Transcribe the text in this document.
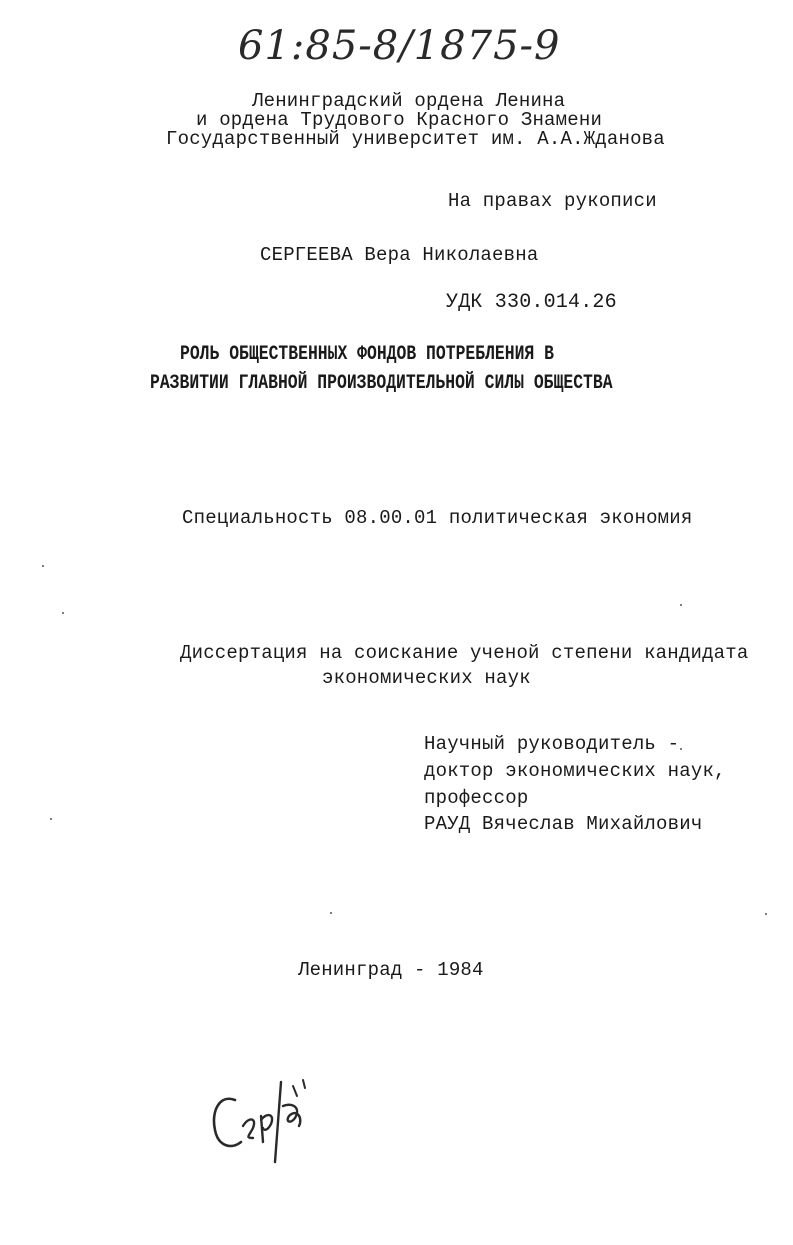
61:85-8/1875-9
Ленинградский ордена Ленина
и ордена Трудового Красного Знамени
Государственный университет им. А.А.Жданова
На правах рукописи
СЕРГЕЕВА Вера Николаевна
УДК 330.014.26
РОЛЬ ОБЩЕСТВЕННЫХ ФОНДОВ ПОТРЕБЛЕНИЯ В
РАЗВИТИИ ГЛАВНОЙ ПРОИЗВОДИТЕЛЬНОЙ СИЛЫ ОБЩЕСТВА
Специальность 08.00.01 политическая экономия
Диссертация на соискание ученой степени кандидата
экономических наук
Научный руководитель -
доктор экономических наук,
профессор
РАУД Вячеслав Михайлович
Ленинград - 1984
